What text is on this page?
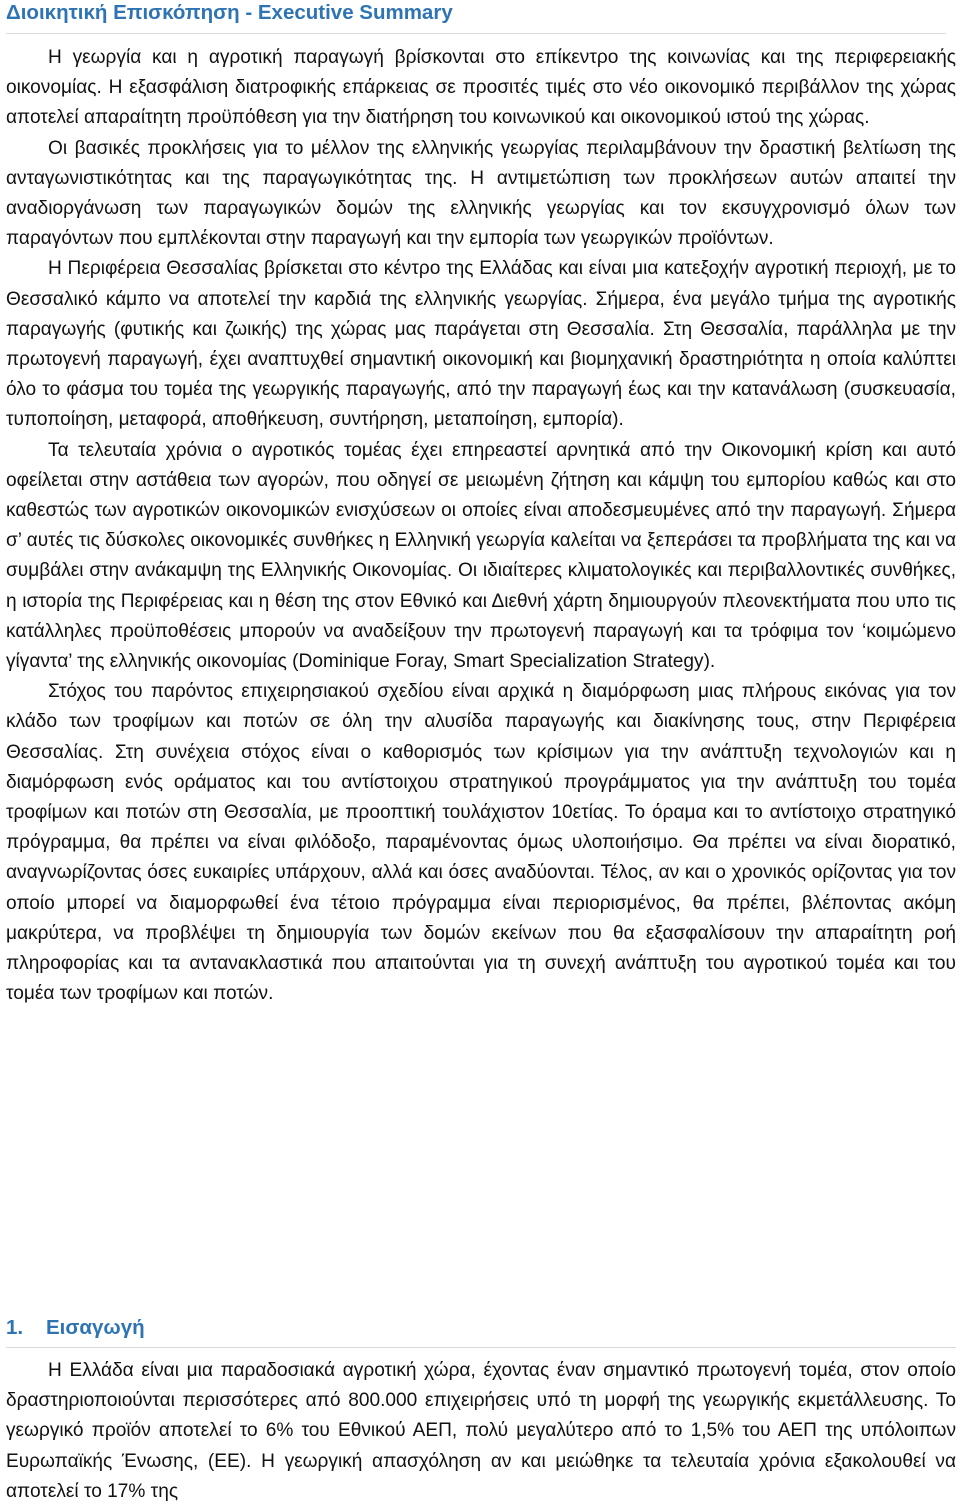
Διοικητική Επισκόπηση - Executive Summary

Η γεωργία και η αγροτική παραγωγή βρίσκονται στο επίκεντρο της κοινωνίας και της περιφερειακής οικονομίας. Η εξασφάλιση διατροφικής επάρκειας σε προσιτές τιμές στο νέο οικονομικό περιβάλλον της χώρας αποτελεί απαραίτητη προϋπόθεση για την διατήρηση του κοινωνικού και οικονομικού ιστού της χώρας.

Οι βασικές προκλήσεις για το μέλλον της ελληνικής γεωργίας περιλαμβάνουν την δραστική βελτίωση της ανταγωνιστικότητας και της παραγωγικότητας της. Η αντιμετώπιση των προκλήσεων αυτών απαιτεί την αναδιοργάνωση των παραγωγικών δομών της ελληνικής γεωργίας και τον εκσυγχρονισμό όλων των παραγόντων που εμπλέκονται στην παραγωγή και την εμπορία των γεωργικών προϊόντων.

Η Περιφέρεια Θεσσαλίας βρίσκεται στο κέντρο της Ελλάδας και είναι μια κατεξοχήν αγροτική περιοχή, με το Θεσσαλικό κάμπο να αποτελεί την καρδιά της ελληνικής γεωργίας. Σήμερα, ένα μεγάλο τμήμα της αγροτικής παραγωγής (φυτικής και ζωικής) της χώρας μας παράγεται στη Θεσσαλία. Στη Θεσσαλία, παράλληλα με την πρωτογενή παραγωγή, έχει αναπτυχθεί σημαντική οικονομική και βιομηχανική δραστηριότητα η οποία καλύπτει όλο το φάσμα του τομέα της γεωργικής παραγωγής, από την παραγωγή έως και την κατανάλωση (συσκευασία, τυποποίηση, μεταφορά, αποθήκευση, συντήρηση, μεταποίηση, εμπορία).

Τα τελευταία χρόνια ο αγροτικός τομέας έχει επηρεαστεί αρνητικά από την Οικονομική κρίση και αυτό οφείλεται στην αστάθεια των αγορών, που οδηγεί σε μειωμένη ζήτηση και κάμψη του εμπορίου καθώς και στο καθεστώς των αγροτικών οικονομικών ενισχύσεων οι οποίες είναι αποδεσμευμένες από την παραγωγή. Σήμερα σ’ αυτές τις δύσκολες οικονομικές συνθήκες η Ελληνική γεωργία καλείται να ξεπεράσει τα προβλήματα της και να συμβάλει στην ανάκαμψη της Ελληνικής Οικονομίας. Οι ιδιαίτερες κλιματολογικές και περιβαλλοντικές συνθήκες, η ιστορία της Περιφέρειας και η θέση της στον Εθνικό και Διεθνή χάρτη δημιουργούν πλεονεκτήματα που υπο τις κατάλληλες προϋποθέσεις μπορούν να αναδείξουν την πρωτογενή παραγωγή και τα τρόφιμα τον ‘κοιμώμενο γίγαντα’ της ελληνικής οικονομίας (Dominique Foray, Smart Specialization Strategy).

Στόχος του παρόντος επιχειρησιακού σχεδίου είναι αρχικά η διαμόρφωση μιας πλήρους εικόνας για τον κλάδο των τροφίμων και ποτών σε όλη την αλυσίδα παραγωγής και διακίνησης τους, στην Περιφέρεια Θεσσαλίας. Στη συνέχεια στόχος είναι ο καθορισμός των κρίσιμων για την ανάπτυξη τεχνολογιών και η διαμόρφωση ενός οράματος και του αντίστοιχου στρατηγικού προγράμματος για την ανάπτυξη του τομέα τροφίμων και ποτών στη Θεσσαλία, με προοπτική τουλάχιστον 10ετίας. Το όραμα και το αντίστοιχο στρατηγικό πρόγραμμα, θα πρέπει να είναι φιλόδοξο, παραμένοντας όμως υλοποιήσιμο. Θα πρέπει να είναι διορατικό, αναγνωρίζοντας όσες ευκαιρίες υπάρχουν, αλλά και όσες αναδύονται. Τέλος, αν και ο χρονικός ορίζοντας για τον οποίο μπορεί να διαμορφωθεί ένα τέτοιο πρόγραμμα είναι περιορισμένος, θα πρέπει, βλέποντας ακόμη μακρύτερα, να προβλέψει τη δημιουργία των δομών εκείνων που θα εξασφαλίσουν την απαραίτητη ροή πληροφορίας και τα αντανακλαστικά που απαιτούνται για τη συνεχή ανάπτυξη του αγροτικού τομέα και του τομέα των τροφίμων και ποτών.

1. Εισαγωγή

Η Ελλάδα είναι μια παραδοσιακά αγροτική χώρα, έχοντας έναν σημαντικό πρωτογενή τομέα, στον οποίο δραστηριοποιούνται περισσότερες από 800.000 επιχειρήσεις υπό τη μορφή της γεωργικής εκμετάλλευσης. Το γεωργικό προϊόν αποτελεί το 6% του Εθνικού ΑΕΠ, πολύ μεγαλύτερο από το 1,5% του ΑΕΠ της υπόλοιπων Ευρωπαϊκής Ένωσης, (ΕΕ). Η γεωργική απασχόληση αν και μειώθηκε τα τελευταία χρόνια εξακολουθεί να αποτελεί το 17% της
